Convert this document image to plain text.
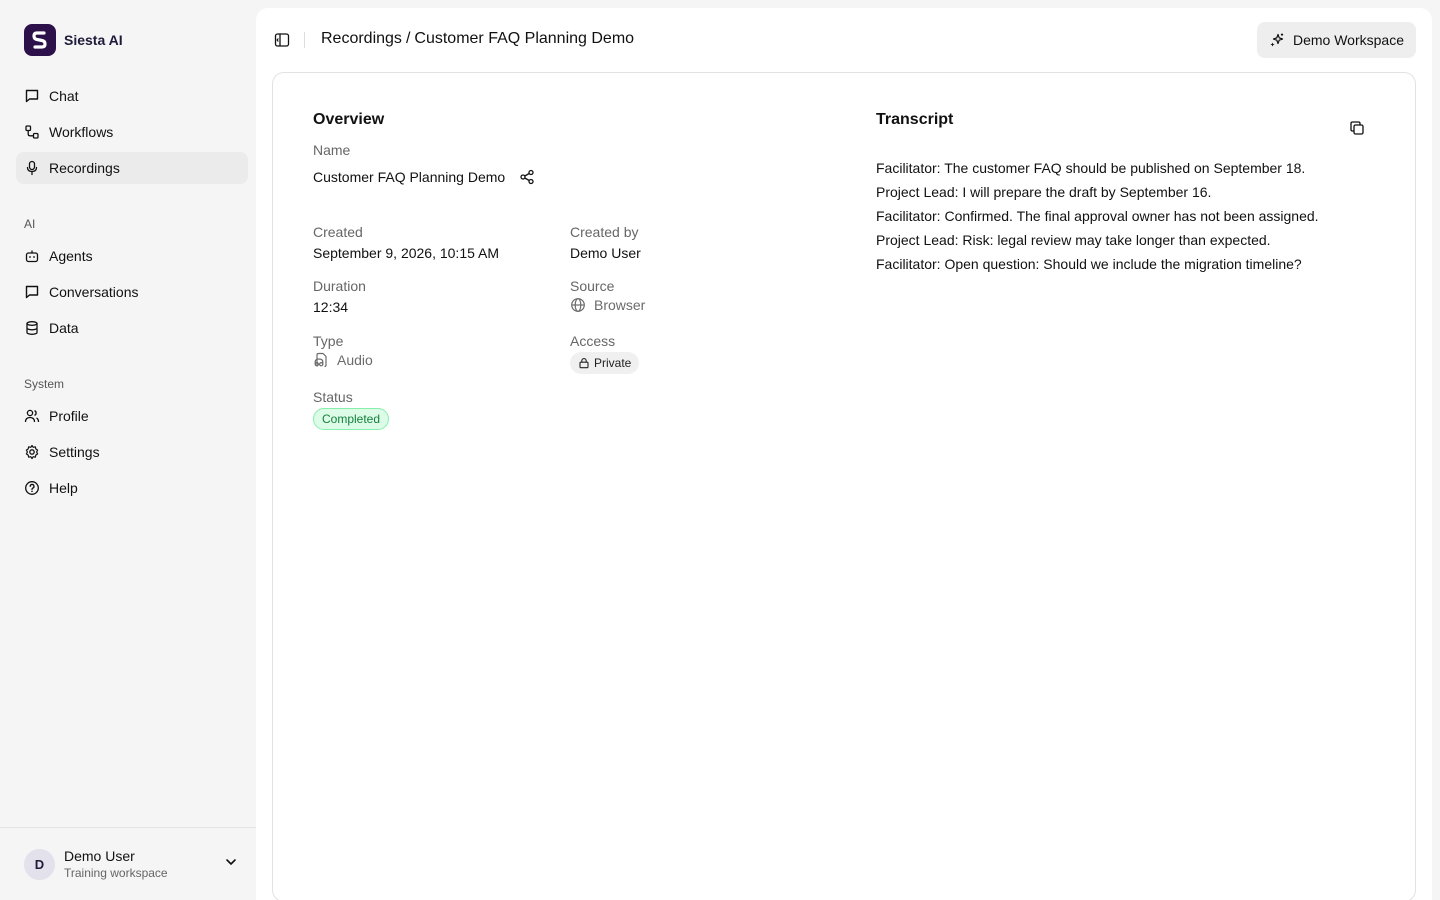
Siesta AI
Chat
Workflows
Recordings
AI
Agents
Conversations
Data
System
Profile
Settings
Help
D	Demo User
Training workspace
Recordings / Customer FAQ Planning Demo	Demo Workspace
Overview
Name
Customer FAQ Planning Demo
Created
September 9, 2026, 10:15 AM
Created by
Demo User
Duration
12:34
Source
Browser
Type
Audio
Access
Private
Status
Completed
Transcript
Facilitator: The customer FAQ should be published on September 18.
Project Lead: I will prepare the draft by September 16.
Facilitator: Confirmed. The final approval owner has not been assigned.
Project Lead: Risk: legal review may take longer than expected.
Facilitator: Open question: Should we include the migration timeline?
